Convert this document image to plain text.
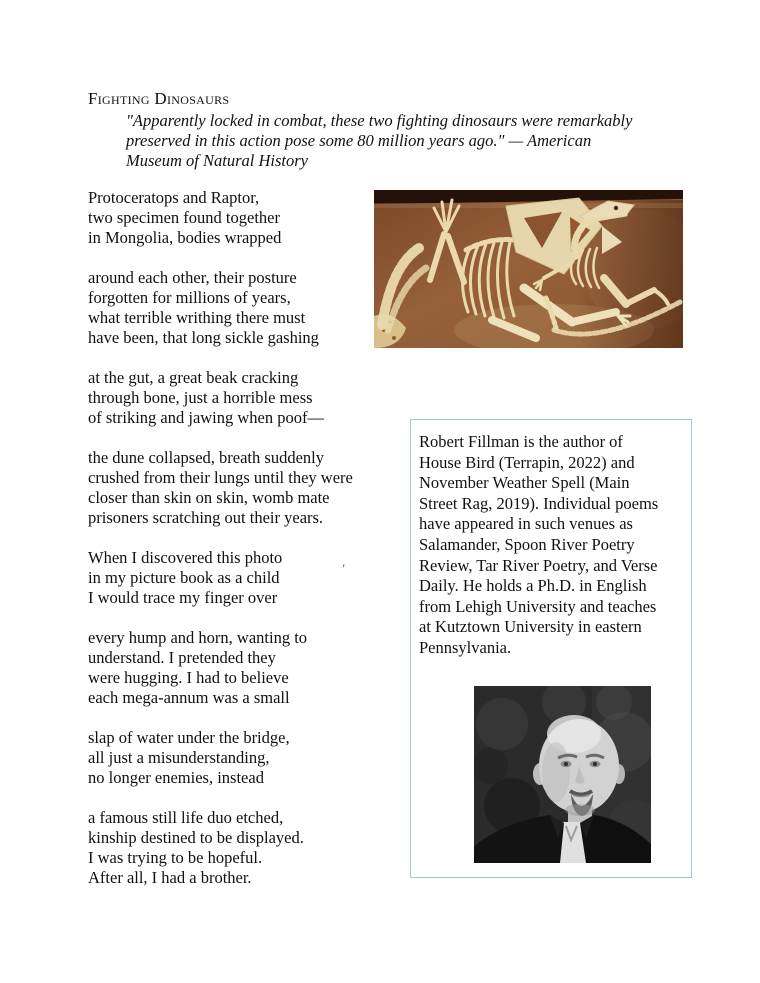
Fighting Dinosaurs
"Apparently locked in combat, these two fighting dinosaurs were remarkably
preserved in this action pose some 80 million years ago." — American
Museum of Natural History
Protoceratops and Raptor,
two specimen found together
in Mongolia, bodies wrapped
around each other, their posture
forgotten for millions of years,
what terrible writhing there must
have been, that long sickle gashing
at the gut, a great beak cracking
through bone, just a horrible mess
of striking and jawing when poof—
the dune collapsed, breath suddenly
crushed from their lungs until they were
closer than skin on skin, womb mate
prisoners scratching out their years.
When I discovered this photo
in my picture book as a child
I would trace my finger over
every hump and horn, wanting to
understand. I pretended they
were hugging. I had to believe
each mega-annum was a small
slap of water under the bridge,
all just a misunderstanding,
no longer enemies, instead
a famous still life duo etched,
kinship destined to be displayed.
I was trying to be hopeful.
After all, I had a brother.
'
Robert Fillman is the author of
House Bird (Terrapin, 2022) and
November Weather Spell (Main
Street Rag, 2019). Individual poems
have appeared in such venues as
Salamander, Spoon River Poetry
Review, Tar River Poetry, and Verse
Daily. He holds a Ph.D. in English
from Lehigh University and teaches
at Kutztown University in eastern
Pennsylvania.
